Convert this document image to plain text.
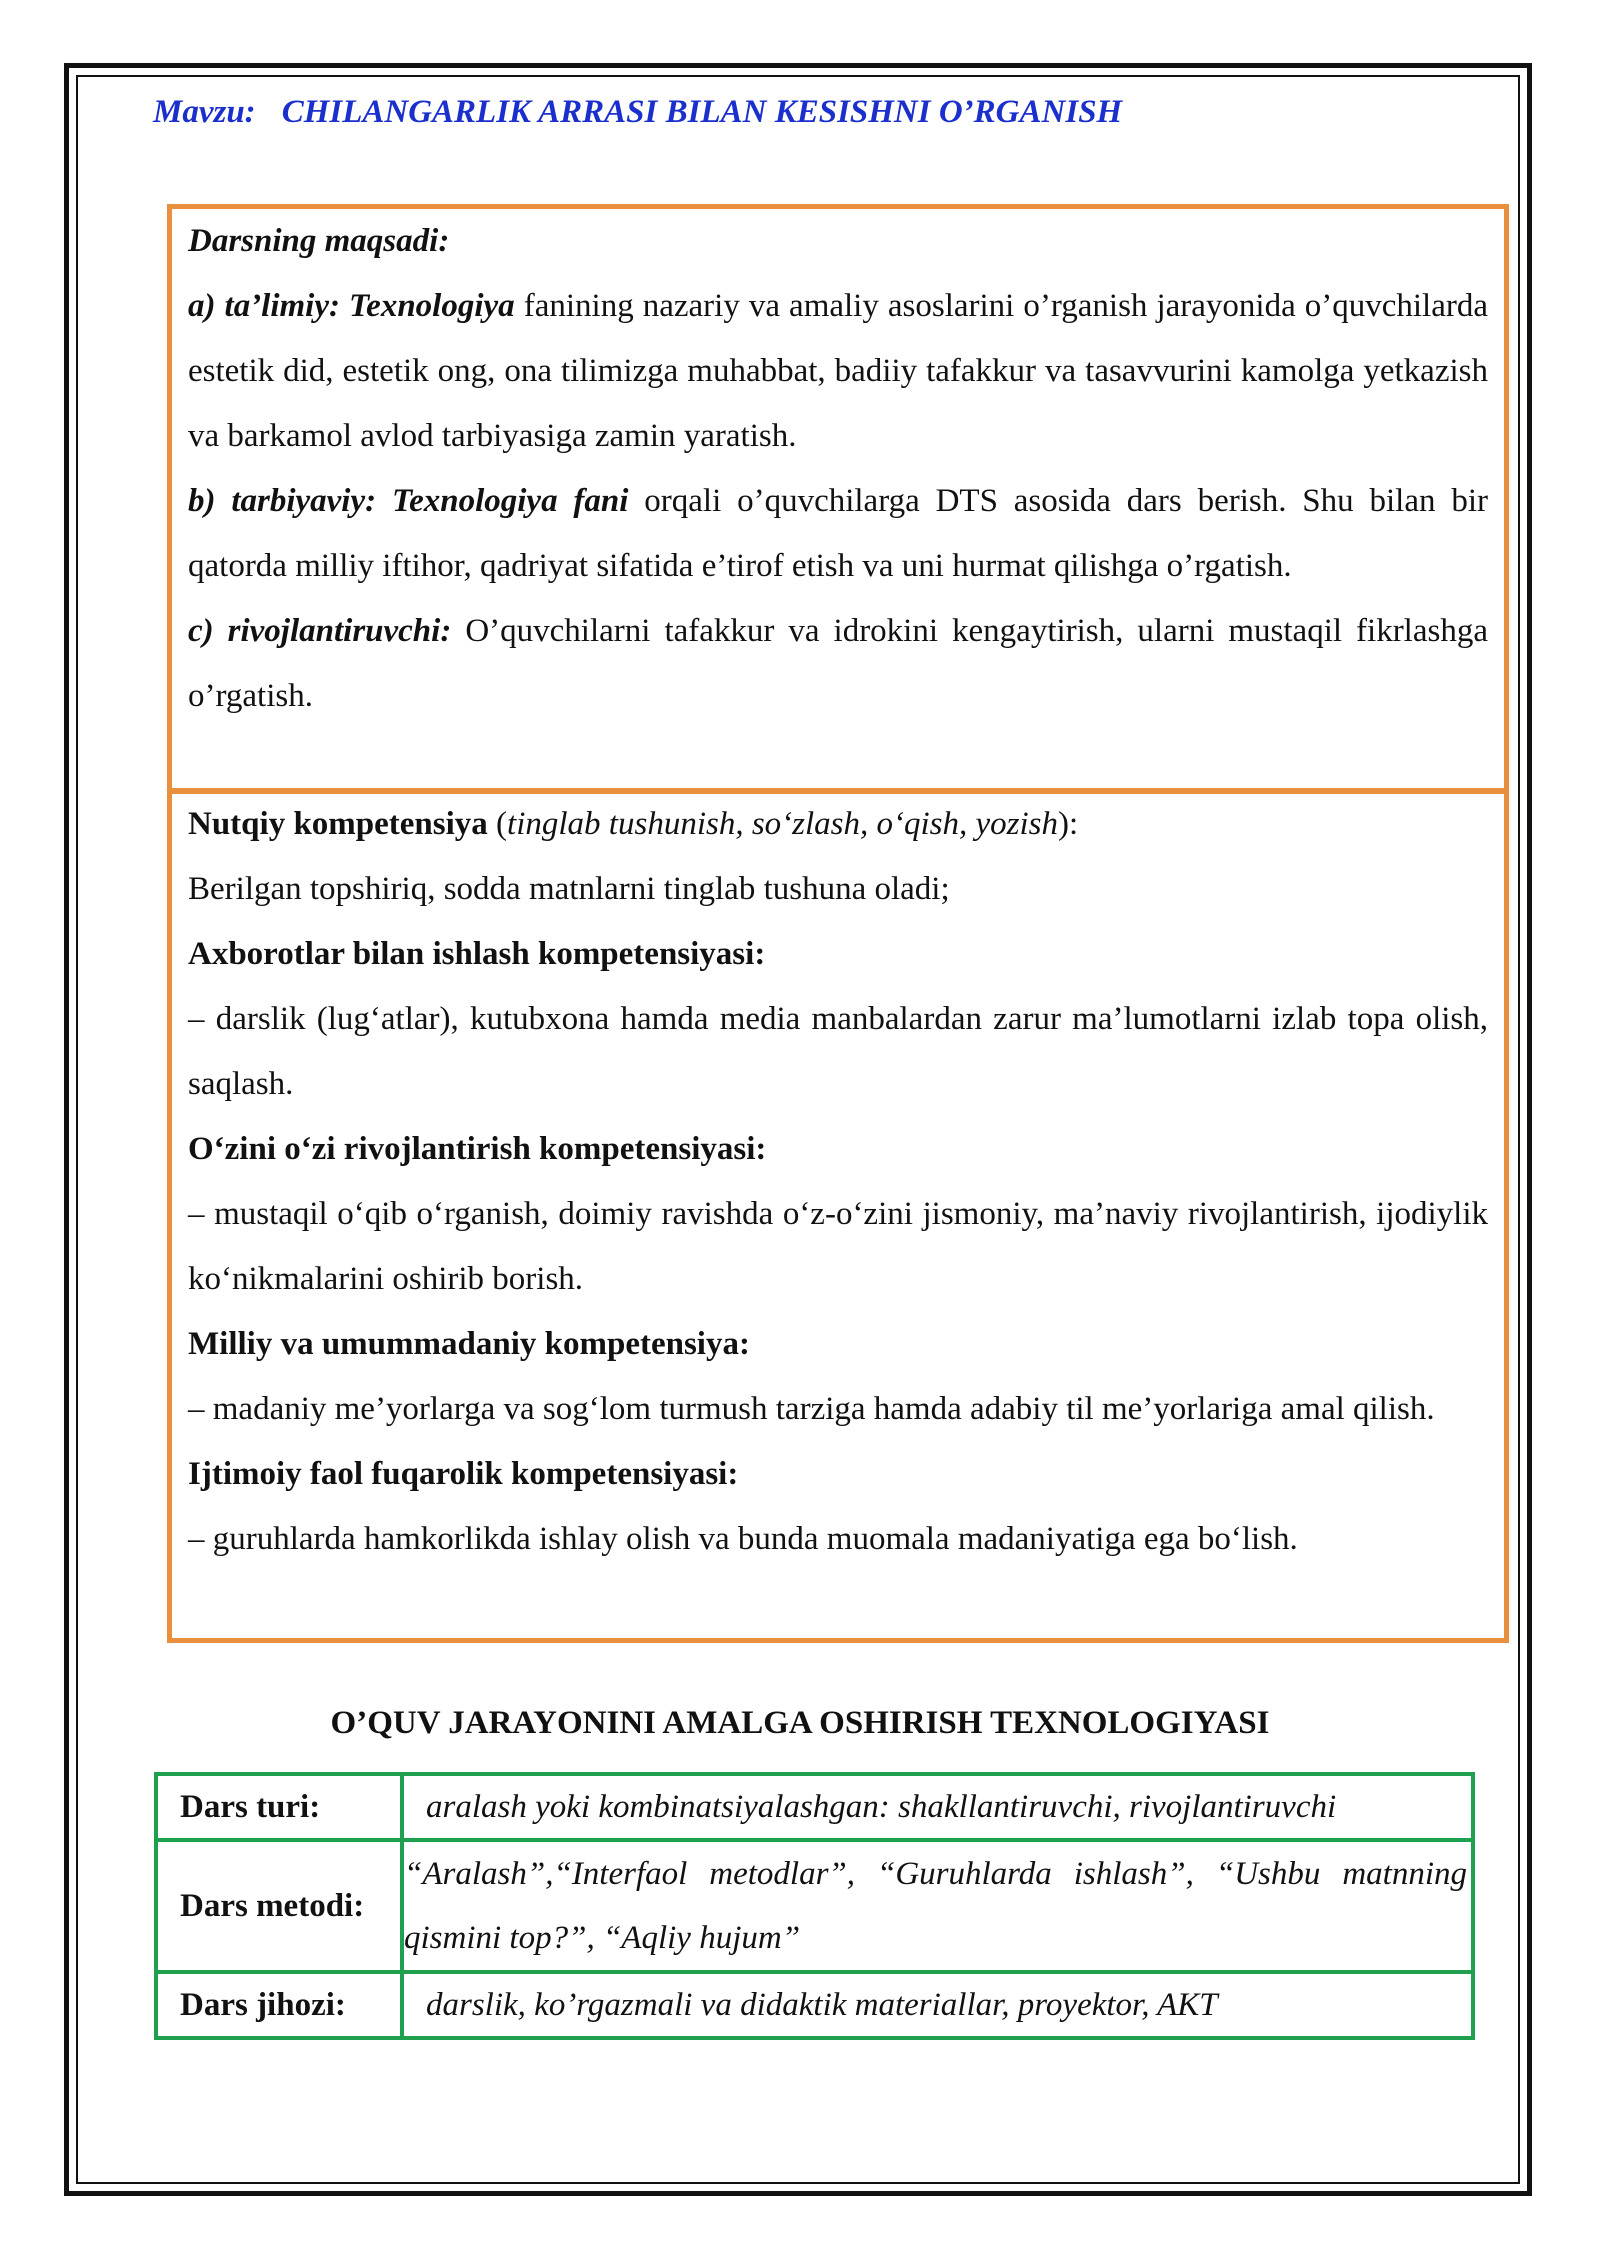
Mavzu: CHILANGARLIK ARRASI BILAN KESISHNI O’RGANISH
Darsning maqsadi:
a) ta’limiy: Texnologiya fanining nazariy va amaliy asoslarini o’rganish jarayonida o’quvchilarda estetik did, estetik ong, ona tilimizga muhabbat, badiiy tafakkur va tasavvurini kamolga yetkazish va barkamol avlod tarbiyasiga zamin yaratish.
b) tarbiyaviy: Texnologiya fani orqali o’quvchilarga DTS asosida dars berish. Shu bilan bir qatorda milliy iftihor, qadriyat sifatida e’tirof etish va uni hurmat qilishga o’rgatish.
c) rivojlantiruvchi: O’quvchilarni tafakkur va idrokini kengaytirish, ularni mustaqil fikrlashga o’rgatish.
Nutqiy kompetensiya (tinglab tushunish, so‘zlash, o‘qish, yozish):
Berilgan topshiriq, sodda matnlarni tinglab tushuna oladi;
Axborotlar bilan ishlash kompetensiyasi:
– darslik (lug‘atlar), kutubxona hamda media manbalardan zarur ma’lumotlarni izlab topa olish, saqlash.
O‘zini o‘zi rivojlantirish kompetensiyasi:
– mustaqil o‘qib o‘rganish, doimiy ravishda o‘z-o‘zini jismoniy, ma’naviy rivojlantirish, ijodiylik ko‘nikmalarini oshirib borish.
Milliy va umummadaniy kompetensiya:
– madaniy me’yorlarga va sog‘lom turmush tarziga hamda adabiy til me’yorlariga amal qilish.
Ijtimoiy faol fuqarolik kompetensiyasi:
– guruhlarda hamkorlikda ishlay olish va bunda muomala madaniyatiga ega bo‘lish.
O’QUV JARAYONINI AMALGA OSHIRISH TEXNOLOGIYASI
Dars turi:	aralash yoki kombinatsiyalashgan: shakllantiruvchi, rivojlantiruvchi

Dars metodi:	“Aralash”,“Interfaol metodlar”, “Guruhlarda ishlash”, “Ushbu matnning qismini top?”, “Aqliy hujum”

Dars jihozi:	darslik, ko’rgazmali va didaktik materiallar, proyektor, AKT
